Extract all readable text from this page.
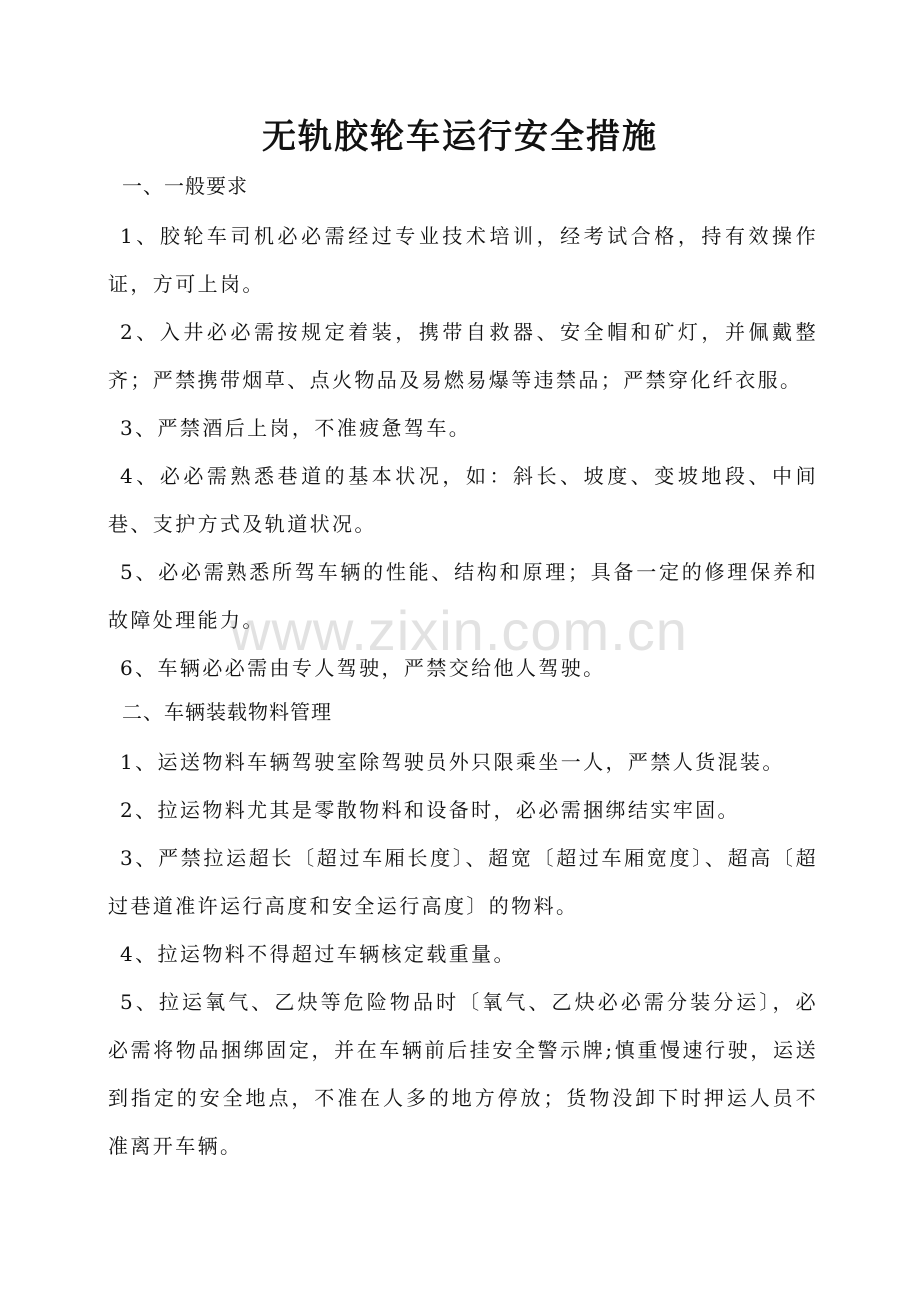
无轨胶轮车运行安全措施
一、一般要求

1、胶轮车司机必必需经过专业技术培训，经考试合格，持有效操作证，方可上岗。

2、入井必必需按规定着装，携带自救器、安全帽和矿灯，并佩戴整齐；严禁携带烟草、点火物品及易燃易爆等违禁品；严禁穿化纤衣服。

3、严禁酒后上岗，不准疲惫驾车。

4、必必需熟悉巷道的基本状况，如：斜长、坡度、变坡地段、中间巷、支护方式及轨道状况。

5、必必需熟悉所驾车辆的性能、结构和原理；具备一定的修理保养和故障处理能力。

6、车辆必必需由专人驾驶，严禁交给他人驾驶。

二、车辆装载物料管理

1、运送物料车辆驾驶室除驾驶员外只限乘坐一人，严禁人货混装。

2、拉运物料尤其是零散物料和设备时，必必需捆绑结实牢固。

3、严禁拉运超长〔超过车厢长度〕、超宽〔超过车厢宽度〕、超高〔超过巷道准许运行高度和安全运行高度〕的物料。

4、拉运物料不得超过车辆核定载重量。

5、拉运氧气、乙炔等危险物品时〔氧气、乙炔必必需分装分运〕，必必需将物品捆绑固定，并在车辆前后挂安全警示牌;慎重慢速行驶，运送到指定的安全地点，不准在人多的地方停放；货物没卸下时押运人员不准离开车辆。

www.zixin.com.cn
